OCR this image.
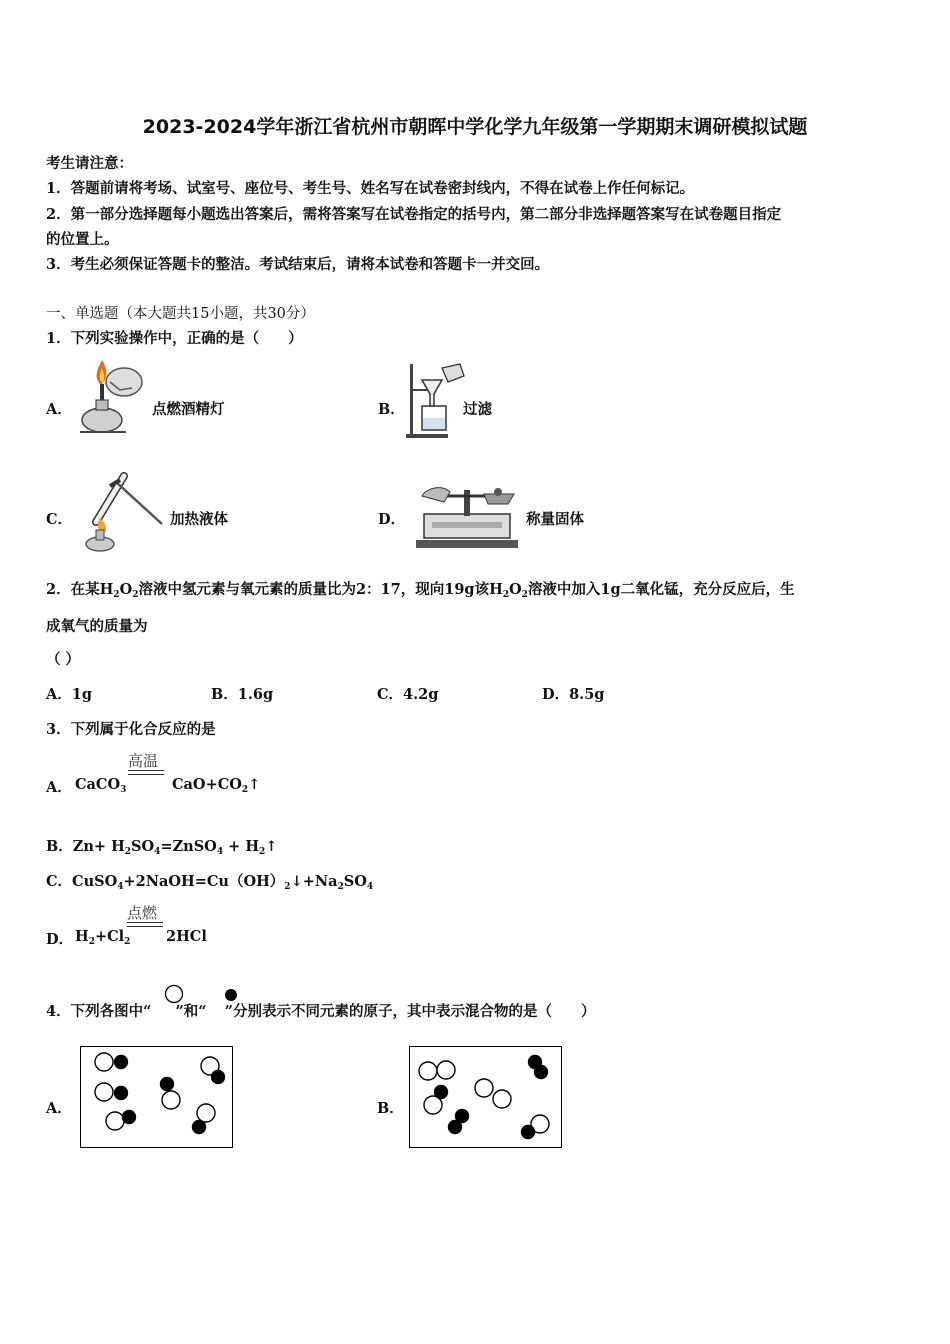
2023-2024学年浙江省杭州市朝晖中学化学九年级第一学期期末调研模拟试题
考生请注意：
1．答题前请将考场、试室号、座位号、考生号、姓名写在试卷密封线内，不得在试卷上作任何标记。
2．第一部分选择题每小题选出答案后，需将答案写在试卷指定的括号内，第二部分非选择题答案写在试卷题目指定
的位置上。
3．考生必须保证答题卡的整洁。考试结束后，请将本试卷和答题卡一并交回。
一、单选题（本大题共15小题，共30分）
1．下列实验操作中，正确的是（　　）
A．	点燃酒精灯	B．	过滤
C．	加热液体	D．	称量固体
2．在某$H_2O_2$溶液中氢元素与氧元素的质量比为2：17，现向19g该$H_2O_2$溶液中加入1g二氧化锰，充分反应后，生
成氧气的质量为
（ ）
A．1g	B．1.6g	C．4.2g	D．8.5g
3．下列属于化合反应的是
A． CaCO$_3$
高温
$CaO+CO_2↑$
B．$Zn+ H_2SO_4=ZnSO_4$ + $H_2↑$
C．$CuSO_4+2NaOH=Cu(OH)_2↓+Na_2SO_4$
D． $H_2+Cl_2$
点燃
2HCl
4．下列各图中“ ”和“ ”分别表示不同元素的原子，其中表示混合物的是（　　）
A．	B．
